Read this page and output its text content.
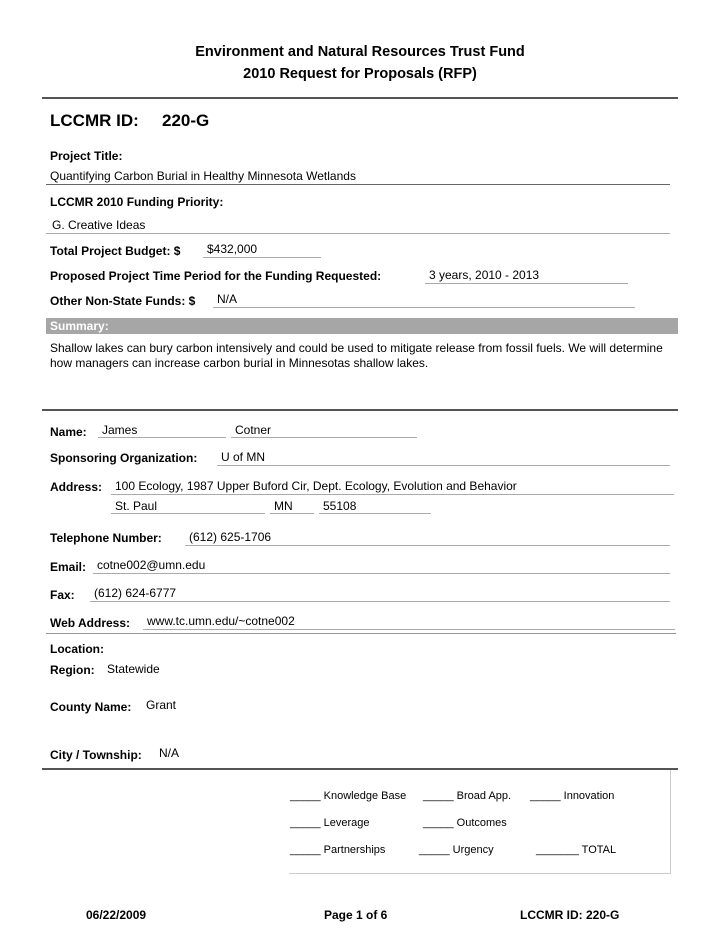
Environment and Natural Resources Trust Fund
2010 Request for Proposals (RFP)
LCCMR ID: 220-G
Project Title:
Quantifying Carbon Burial in Healthy Minnesota Wetlands
LCCMR 2010 Funding Priority:
G. Creative Ideas
Total Project Budget: $ $432,000
Proposed Project Time Period for the Funding Requested:	3 years, 2010 - 2013
Other Non-State Funds: $ N/A
Summary:
Shallow lakes can bury carbon intensively and could be used to mitigate release from fossil fuels. We will determine how managers can increase carbon burial in Minnesotas shallow lakes.
Name: James	Cotner
Sponsoring Organization: U of MN
Address: 100 Ecology, 1987 Upper Buford Cir, Dept. Ecology, Evolution and Behavior
St. Paul	MN	55108
Telephone Number: (612) 625-1706
Email: cotne002@umn.edu
Fax: (612) 624-6777
Web Address: www.tc.umn.edu/~cotne002
Location:
Region: Statewide
County Name: Grant
City / Township: N/A
_____ Knowledge Base _____ Broad App. _____ Innovation
_____ Leverage	_____ Outcomes
_____ Partnerships	_____ Urgency	_______ TOTAL
06/22/2009	Page 1 of 6	LCCMR ID: 220-G
